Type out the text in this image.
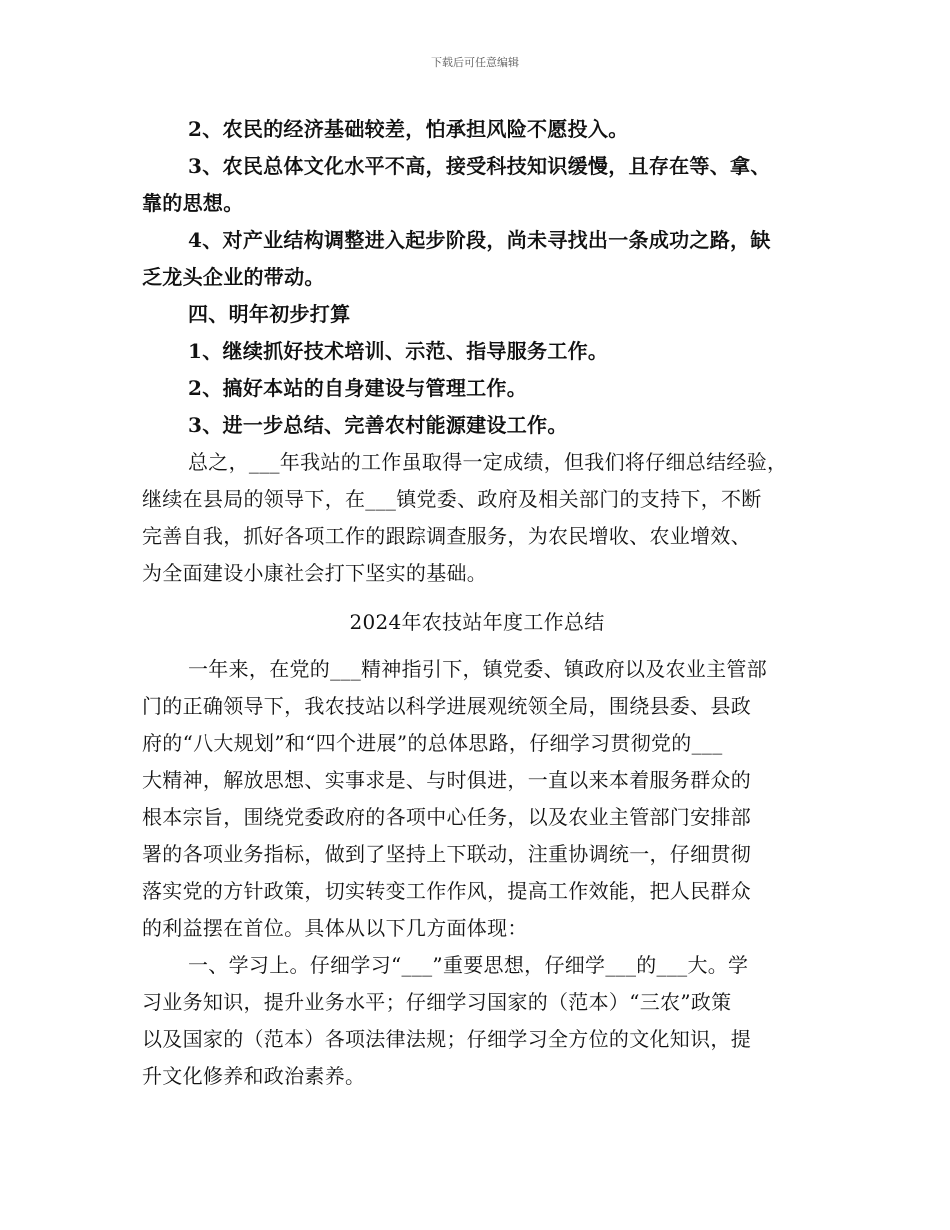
下载后可任意编辑
2、农民的经济基础较差，怕承担风险不愿投入。
3、农民总体文化水平不高，接受科技知识缓慢，且存在等、拿、
靠的思想。
4、对产业结构调整进入起步阶段，尚未寻找出一条成功之路，缺
乏龙头企业的带动。
四、明年初步打算
1、继续抓好技术培训、示范、指导服务工作。
2、搞好本站的自身建设与管理工作。
3、进一步总结、完善农村能源建设工作。
总之，___年我站的工作虽取得一定成绩，但我们将仔细总结经验，
继续在县局的领导下，在___镇党委、政府及相关部门的支持下，不断
完善自我，抓好各项工作的跟踪调查服务，为农民增收、农业增效、
为全面建设小康社会打下坚实的基础。
2024年农技站年度工作总结
一年来，在党的___精神指引下，镇党委、镇政府以及农业主管部
门的正确领导下，我农技站以科学进展观统领全局，围绕县委、县政
府的“八大规划”和“四个进展”的总体思路，仔细学习贯彻党的___
大精神，解放思想、实事求是、与时俱进，一直以来本着服务群众的
根本宗旨，围绕党委政府的各项中心任务，以及农业主管部门安排部
署的各项业务指标，做到了坚持上下联动，注重协调统一，仔细贯彻
落实党的方针政策，切实转变工作作风，提高工作效能，把人民群众
的利益摆在首位。具体从以下几方面体现：
一、学习上。仔细学习“___”重要思想，仔细学___的___大。学
习业务知识，提升业务水平；仔细学习国家的（范本）“三农”政策
以及国家的（范本）各项法律法规；仔细学习全方位的文化知识，提
升文化修养和政治素养。
